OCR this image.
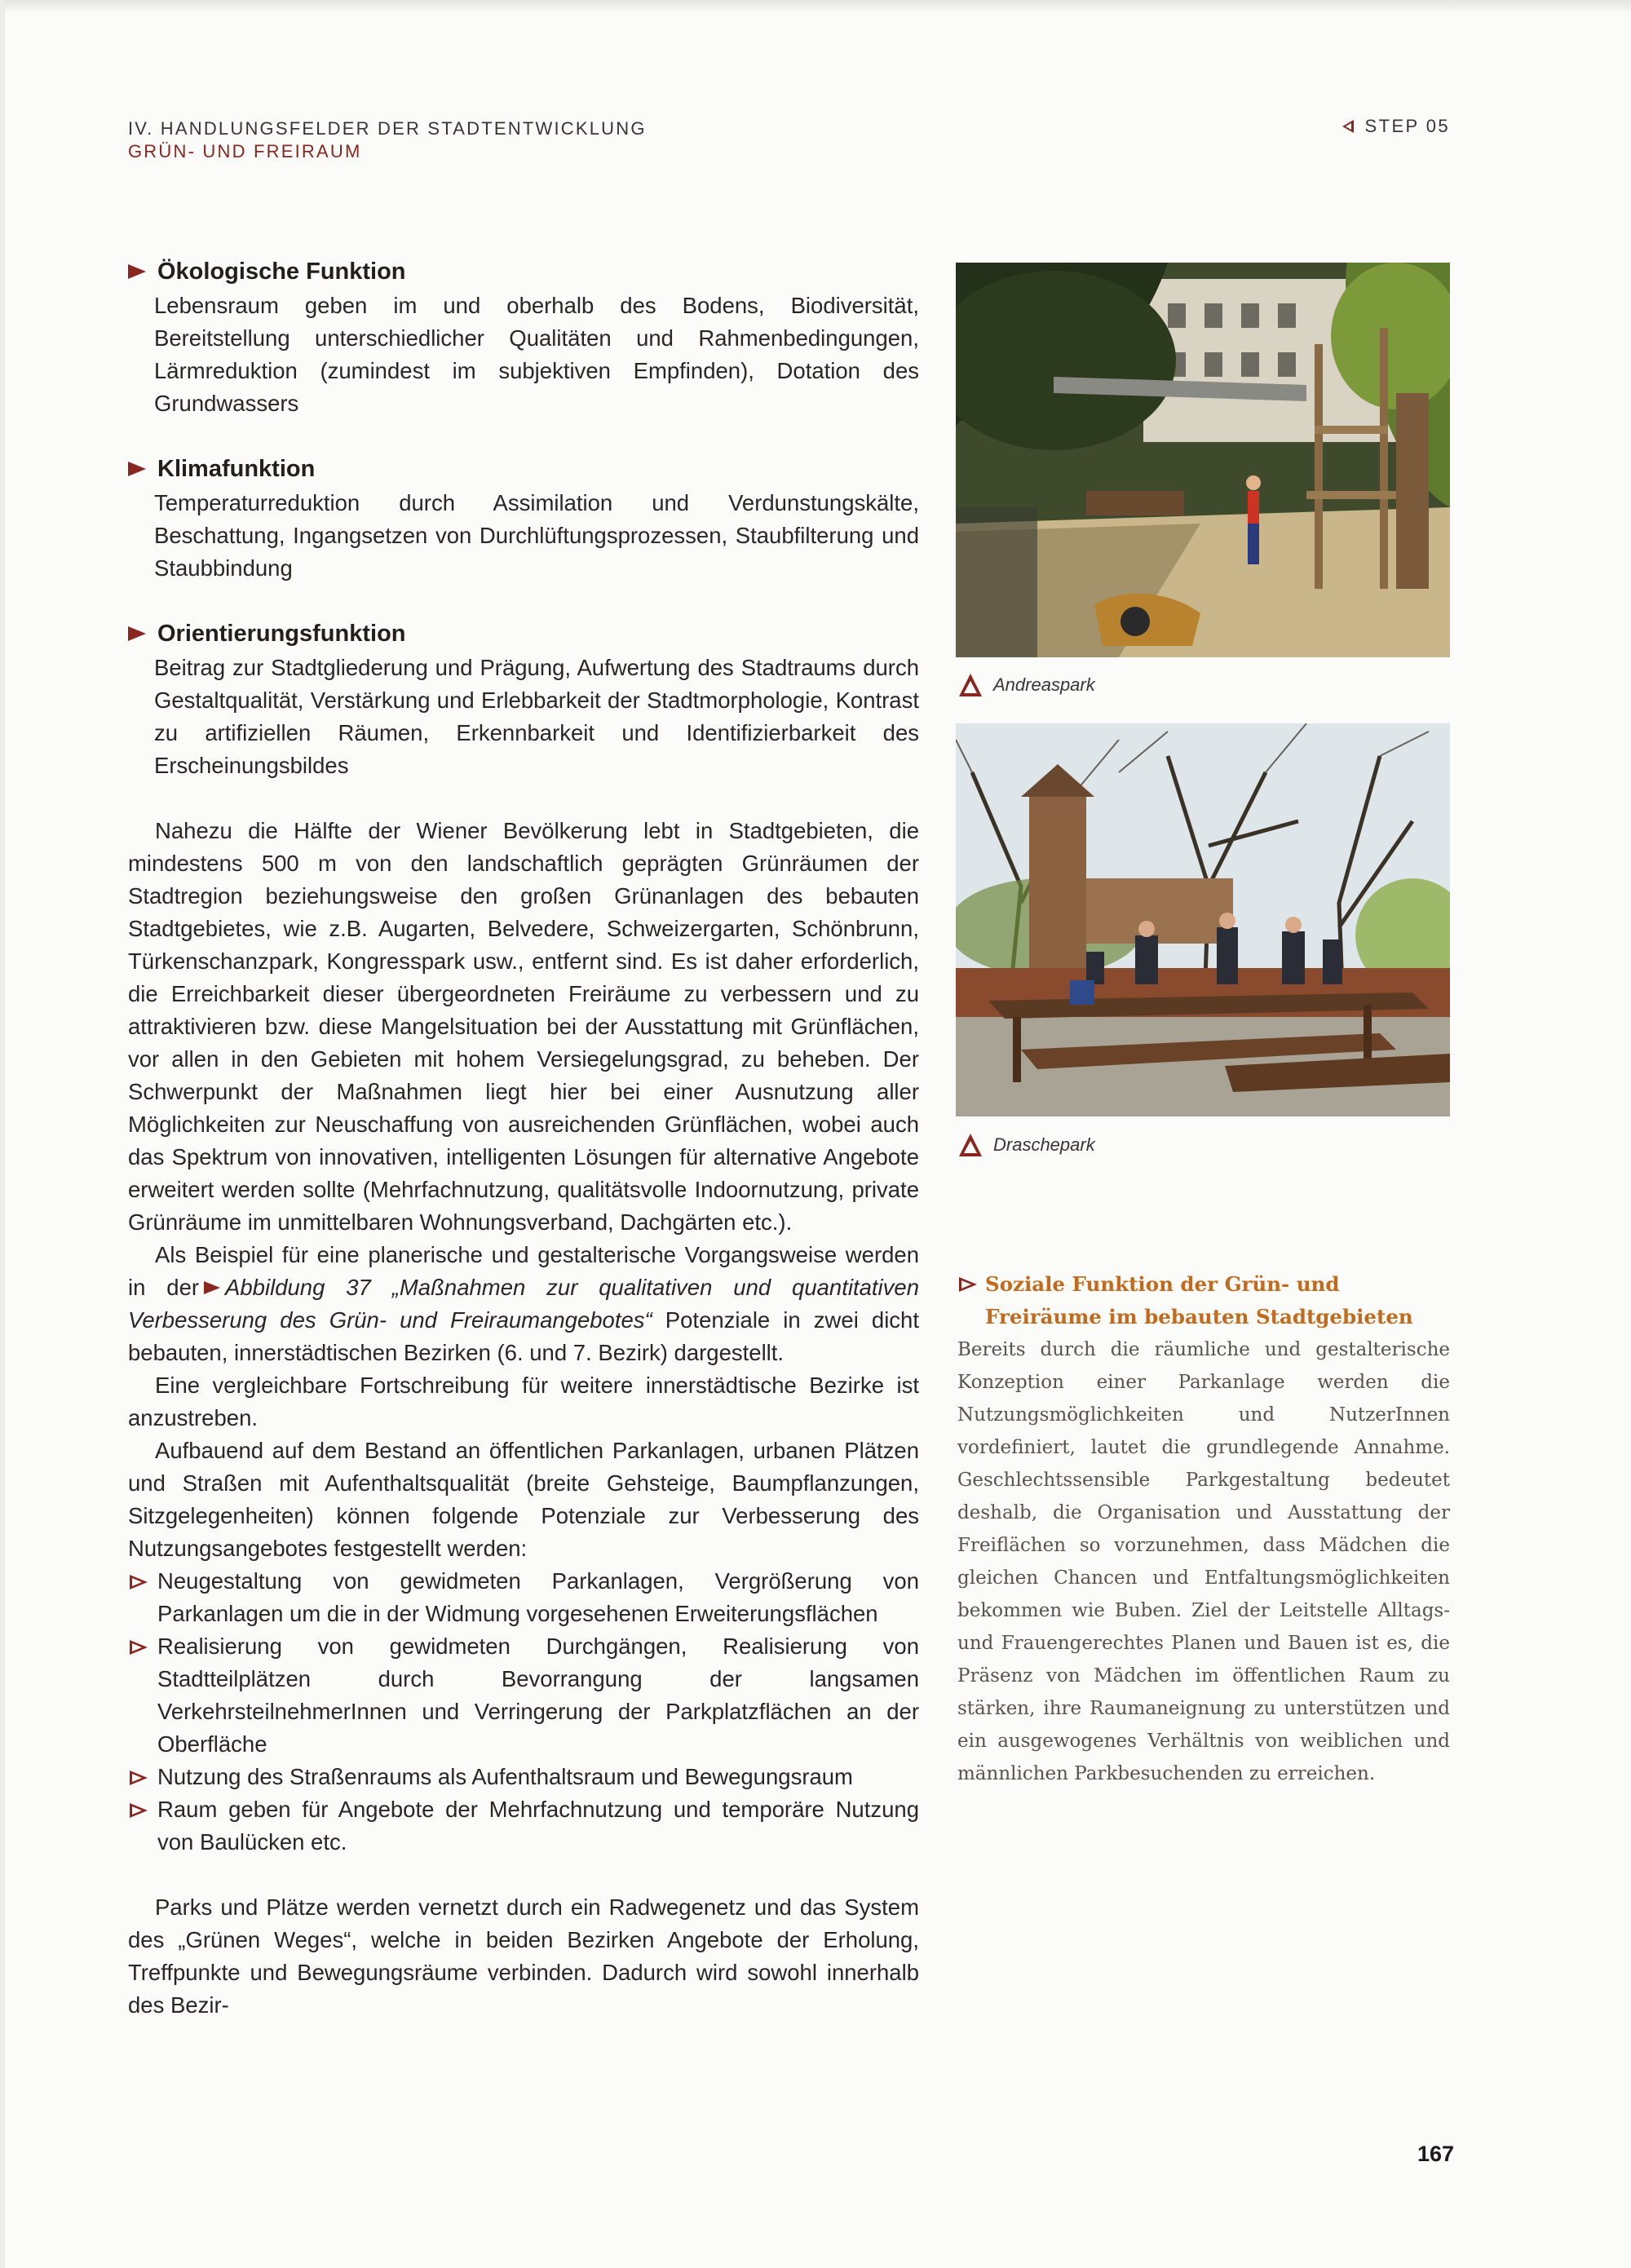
IV. HANDLUNGSFELDER DER STADTENTWICKLUNG
GRÜN- UND FREIRAUM
STEP 05
Ökologische Funktion
Lebensraum geben im und oberhalb des Bodens, Biodiversität, Bereitstellung unterschiedlicher Qualitäten und Rahmenbedingungen, Lärmreduktion (zumindest im subjektiven Empfinden), Dotation des Grundwassers
Klimafunktion
Temperaturreduktion durch Assimilation und Verdunstungskälte, Beschattung, Ingangsetzen von Durchlüftungsprozessen, Staubfilterung und Staubbindung
Orientierungsfunktion
Beitrag zur Stadtgliederung und Prägung, Aufwertung des Stadtraums durch Gestaltqualität, Verstärkung und Erlebbarkeit der Stadtmorphologie, Kontrast zu artifiziellen Räumen, Erkennbarkeit und Identifizierbarkeit des Erscheinungsbildes

Nahezu die Hälfte der Wiener Bevölkerung lebt in Stadtgebieten, die mindestens 500 m von den landschaftlich geprägten Grünräumen der Stadtregion beziehungsweise den großen Grünanlagen des bebauten Stadtgebietes, wie z.B. Augarten, Belvedere, Schweizergarten, Schönbrunn, Türkenschanzpark, Kongresspark usw., entfernt sind. Es ist daher erforderlich, die Erreichbarkeit dieser übergeordneten Freiräume zu verbessern und zu attraktivieren bzw. diese Mangelsituation bei der Ausstattung mit Grünflächen, vor allen in den Gebieten mit hohem Versiegelungsgrad, zu beheben. Der Schwerpunkt der Maßnahmen liegt hier bei einer Ausnutzung aller Möglichkeiten zur Neuschaffung von ausreichenden Grünflächen, wobei auch das Spektrum von innovativen, intelligenten Lösungen für alternative Angebote erweitert werden sollte (Mehrfachnutzung, qualitätsvolle Indoornutzung, private Grünräume im unmittelbaren Wohnungsverband, Dachgärten etc.).

Als Beispiel für eine planerische und gestalterische Vorgangsweise werden in der Abbildung 37 „Maßnahmen zur qualitativen und quantitativen Verbesserung des Grün- und Freiraumangebotes“ Potenziale in zwei dicht bebauten, innerstädtischen Bezirken (6. und 7. Bezirk) dargestellt.

Eine vergleichbare Fortschreibung für weitere innerstädtische Bezirke ist anzustreben.

Aufbauend auf dem Bestand an öffentlichen Parkanlagen, urbanen Plätzen und Straßen mit Aufenthaltsqualität (breite Gehsteige, Baumpflanzungen, Sitzgelegenheiten) können folgende Potenziale zur Verbesserung des Nutzungsangebotes festgestellt werden:

Neugestaltung von gewidmeten Parkanlagen, Vergrößerung von Parkanlagen um die in der Widmung vorgesehenen Erweiterungsflächen
Realisierung von gewidmeten Durchgängen, Realisierung von Stadtteilplätzen durch Bevorrangung der langsamen VerkehrsteilnehmerInnen und Verringerung der Parkplatzflächen an der Oberfläche
Nutzung des Straßenraums als Aufenthaltsraum und Bewegungsraum
Raum geben für Angebote der Mehrfachnutzung und temporäre Nutzung von Baulücken etc.

Parks und Plätze werden vernetzt durch ein Radwegenetz und das System des „Grünen Weges“, welche in beiden Bezirken Angebote der Erholung, Treffpunkte und Bewegungsräume verbinden. Dadurch wird sowohl innerhalb des Bezir-

Andreaspark
Draschepark
Soziale Funktion der Grün- und Freiräume im bebauten Stadtgebieten
Bereits durch die räumliche und gestalterische Konzeption einer Parkanlage werden die Nutzungsmöglichkeiten und NutzerInnen vordefiniert, lautet die grundlegende Annahme. Geschlechtssensible Parkgestaltung bedeutet deshalb, die Organisation und Ausstattung der Freiflächen so vorzunehmen, dass Mädchen die gleichen Chancen und Entfaltungsmöglichkeiten bekommen wie Buben. Ziel der Leitstelle Alltags- und Frauengerechtes Planen und Bauen ist es, die Präsenz von Mädchen im öffentlichen Raum zu stärken, ihre Raumaneignung zu unterstützen und ein ausgewogenes Verhältnis von weiblichen und männlichen Parkbesuchenden zu erreichen.
167
